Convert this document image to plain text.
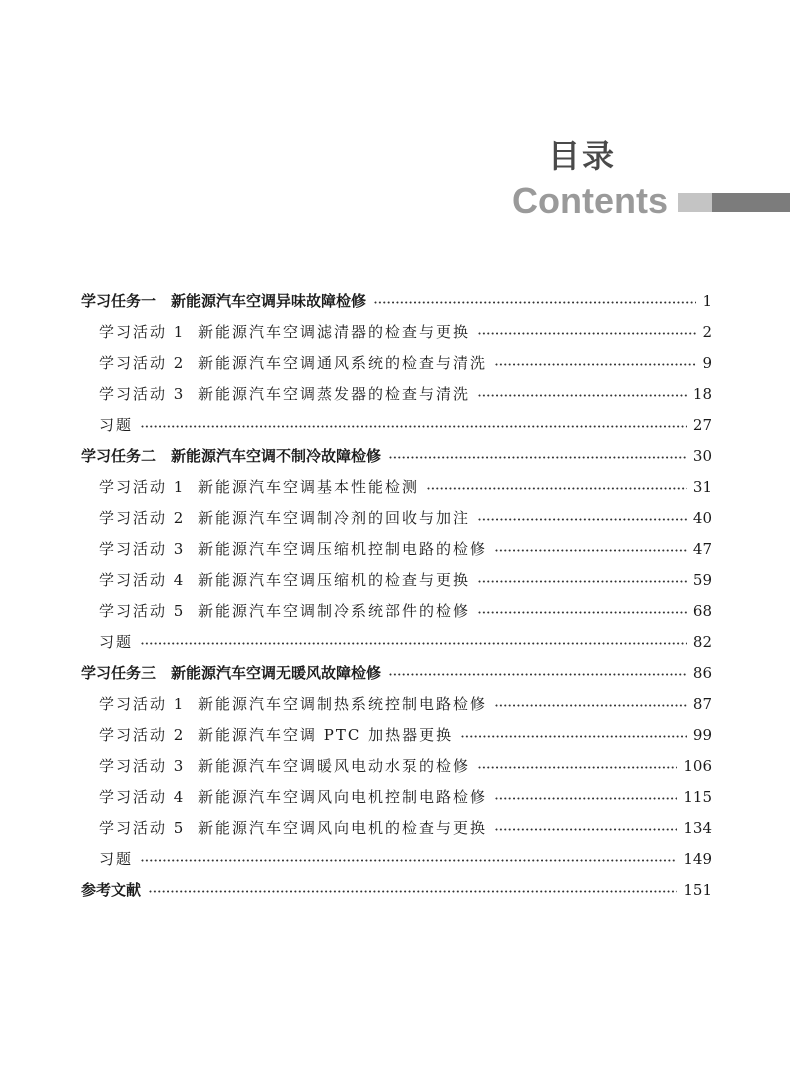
目录
Contents
学习任务一　新能源汽车空调异味故障检修	1
学习活动 1 新能源汽车空调滤清器的检查与更换	2
学习活动 2 新能源汽车空调通风系统的检查与清洗	9
学习活动 3 新能源汽车空调蒸发器的检查与清洗	18
习题	27
学习任务二　新能源汽车空调不制冷故障检修	30
学习活动 1 新能源汽车空调基本性能检测	31
学习活动 2 新能源汽车空调制冷剂的回收与加注	40
学习活动 3 新能源汽车空调压缩机控制电路的检修	47
学习活动 4 新能源汽车空调压缩机的检查与更换	59
学习活动 5 新能源汽车空调制冷系统部件的检修	68
习题	82
学习任务三　新能源汽车空调无暖风故障检修	86
学习活动 1 新能源汽车空调制热系统控制电路检修	87
学习活动 2 新能源汽车空调 PTC 加热器更换	99
学习活动 3 新能源汽车空调暖风电动水泵的检修	106
学习活动 4 新能源汽车空调风向电机控制电路检修	115
学习活动 5 新能源汽车空调风向电机的检查与更换	134
习题	149
参考文献	151
